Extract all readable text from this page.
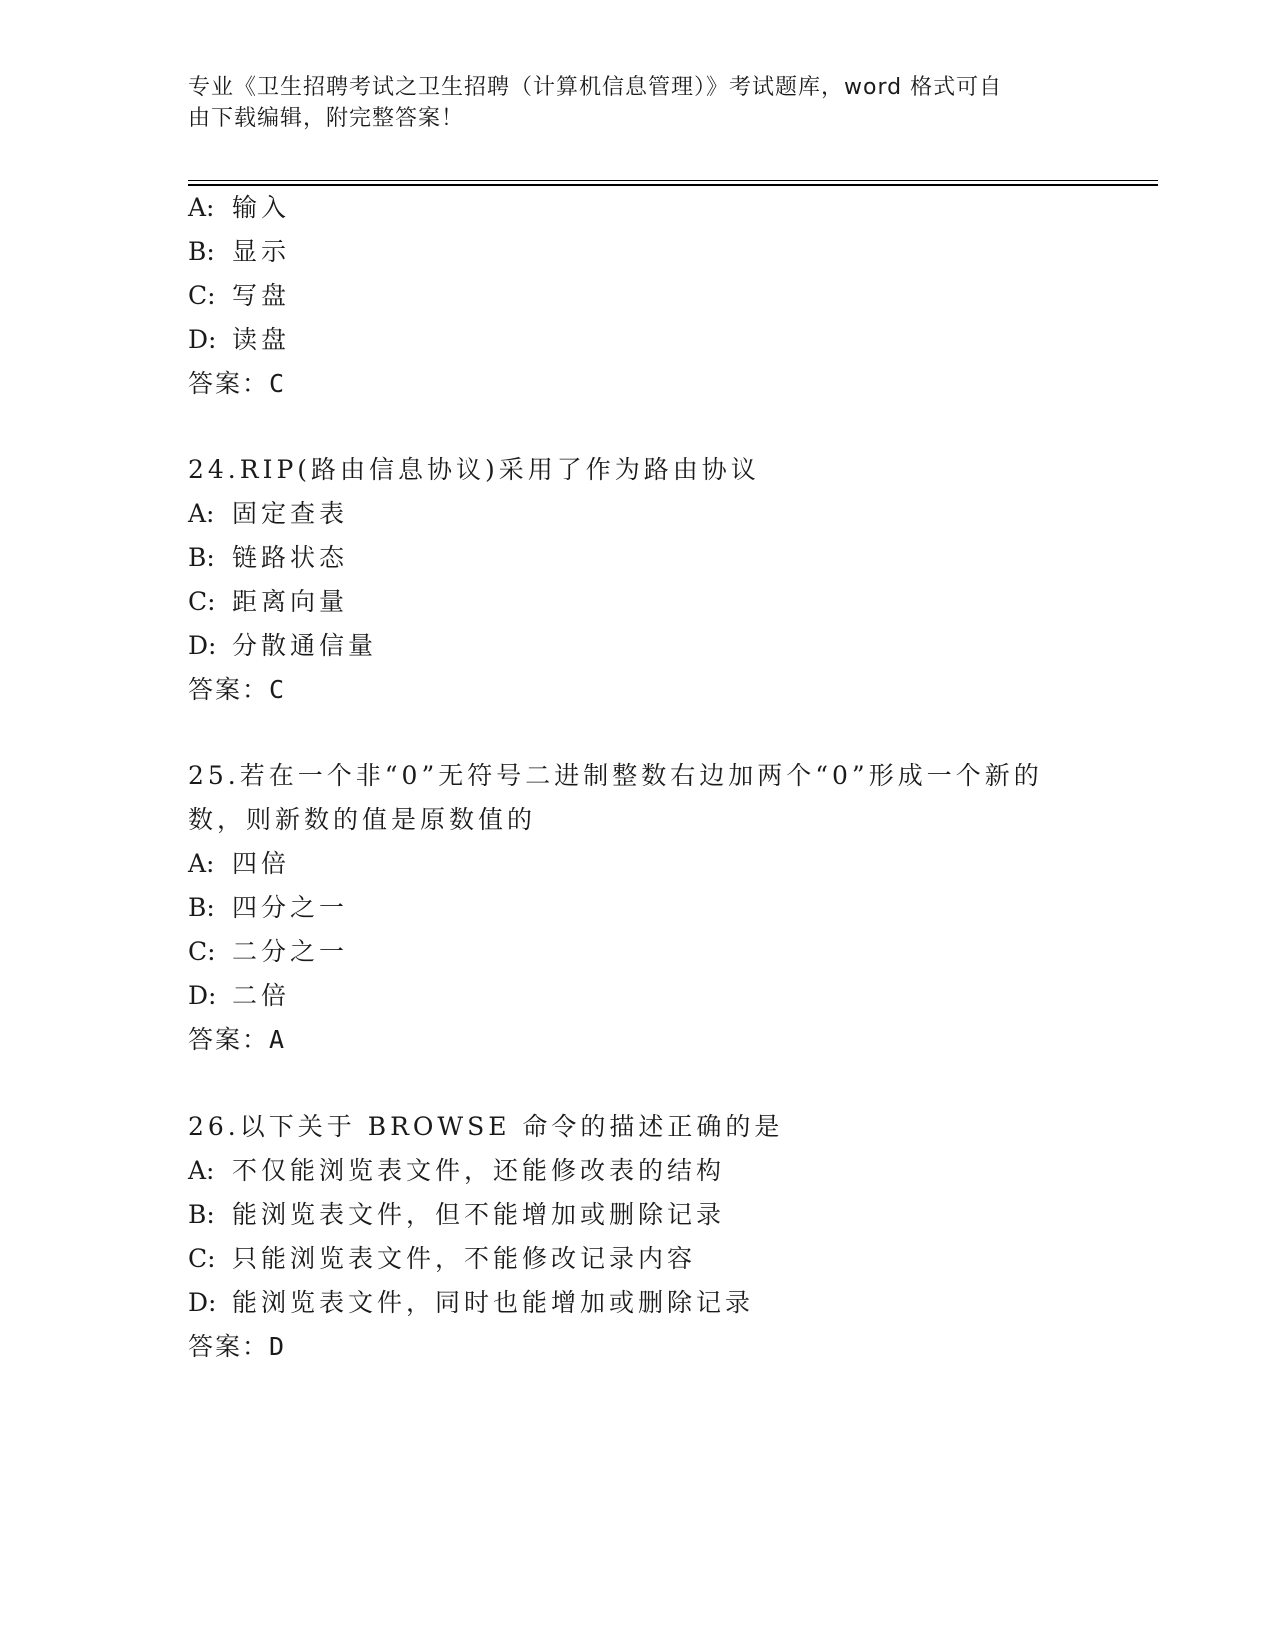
专业《卫生招聘考试之卫生招聘（计算机信息管理）》考试题库，word 格式可自
由下载编辑，附完整答案！
A: 输入
B: 显示
C: 写盘
D: 读盘
答案：C
24.RIP(路由信息协议)采用了作为路由协议
A: 固定查表
B: 链路状态
C: 距离向量
D: 分散通信量
答案：C
25.若在一个非“0”无符号二进制整数右边加两个“0”形成一个新的
数，则新数的值是原数值的
A: 四倍
B: 四分之一
C: 二分之一
D: 二倍
答案：A
26.以下关于 BROWSE 命令的描述正确的是
A: 不仅能浏览表文件，还能修改表的结构
B: 能浏览表文件，但不能增加或删除记录
C: 只能浏览表文件，不能修改记录内容
D: 能浏览表文件，同时也能增加或删除记录
答案：D
